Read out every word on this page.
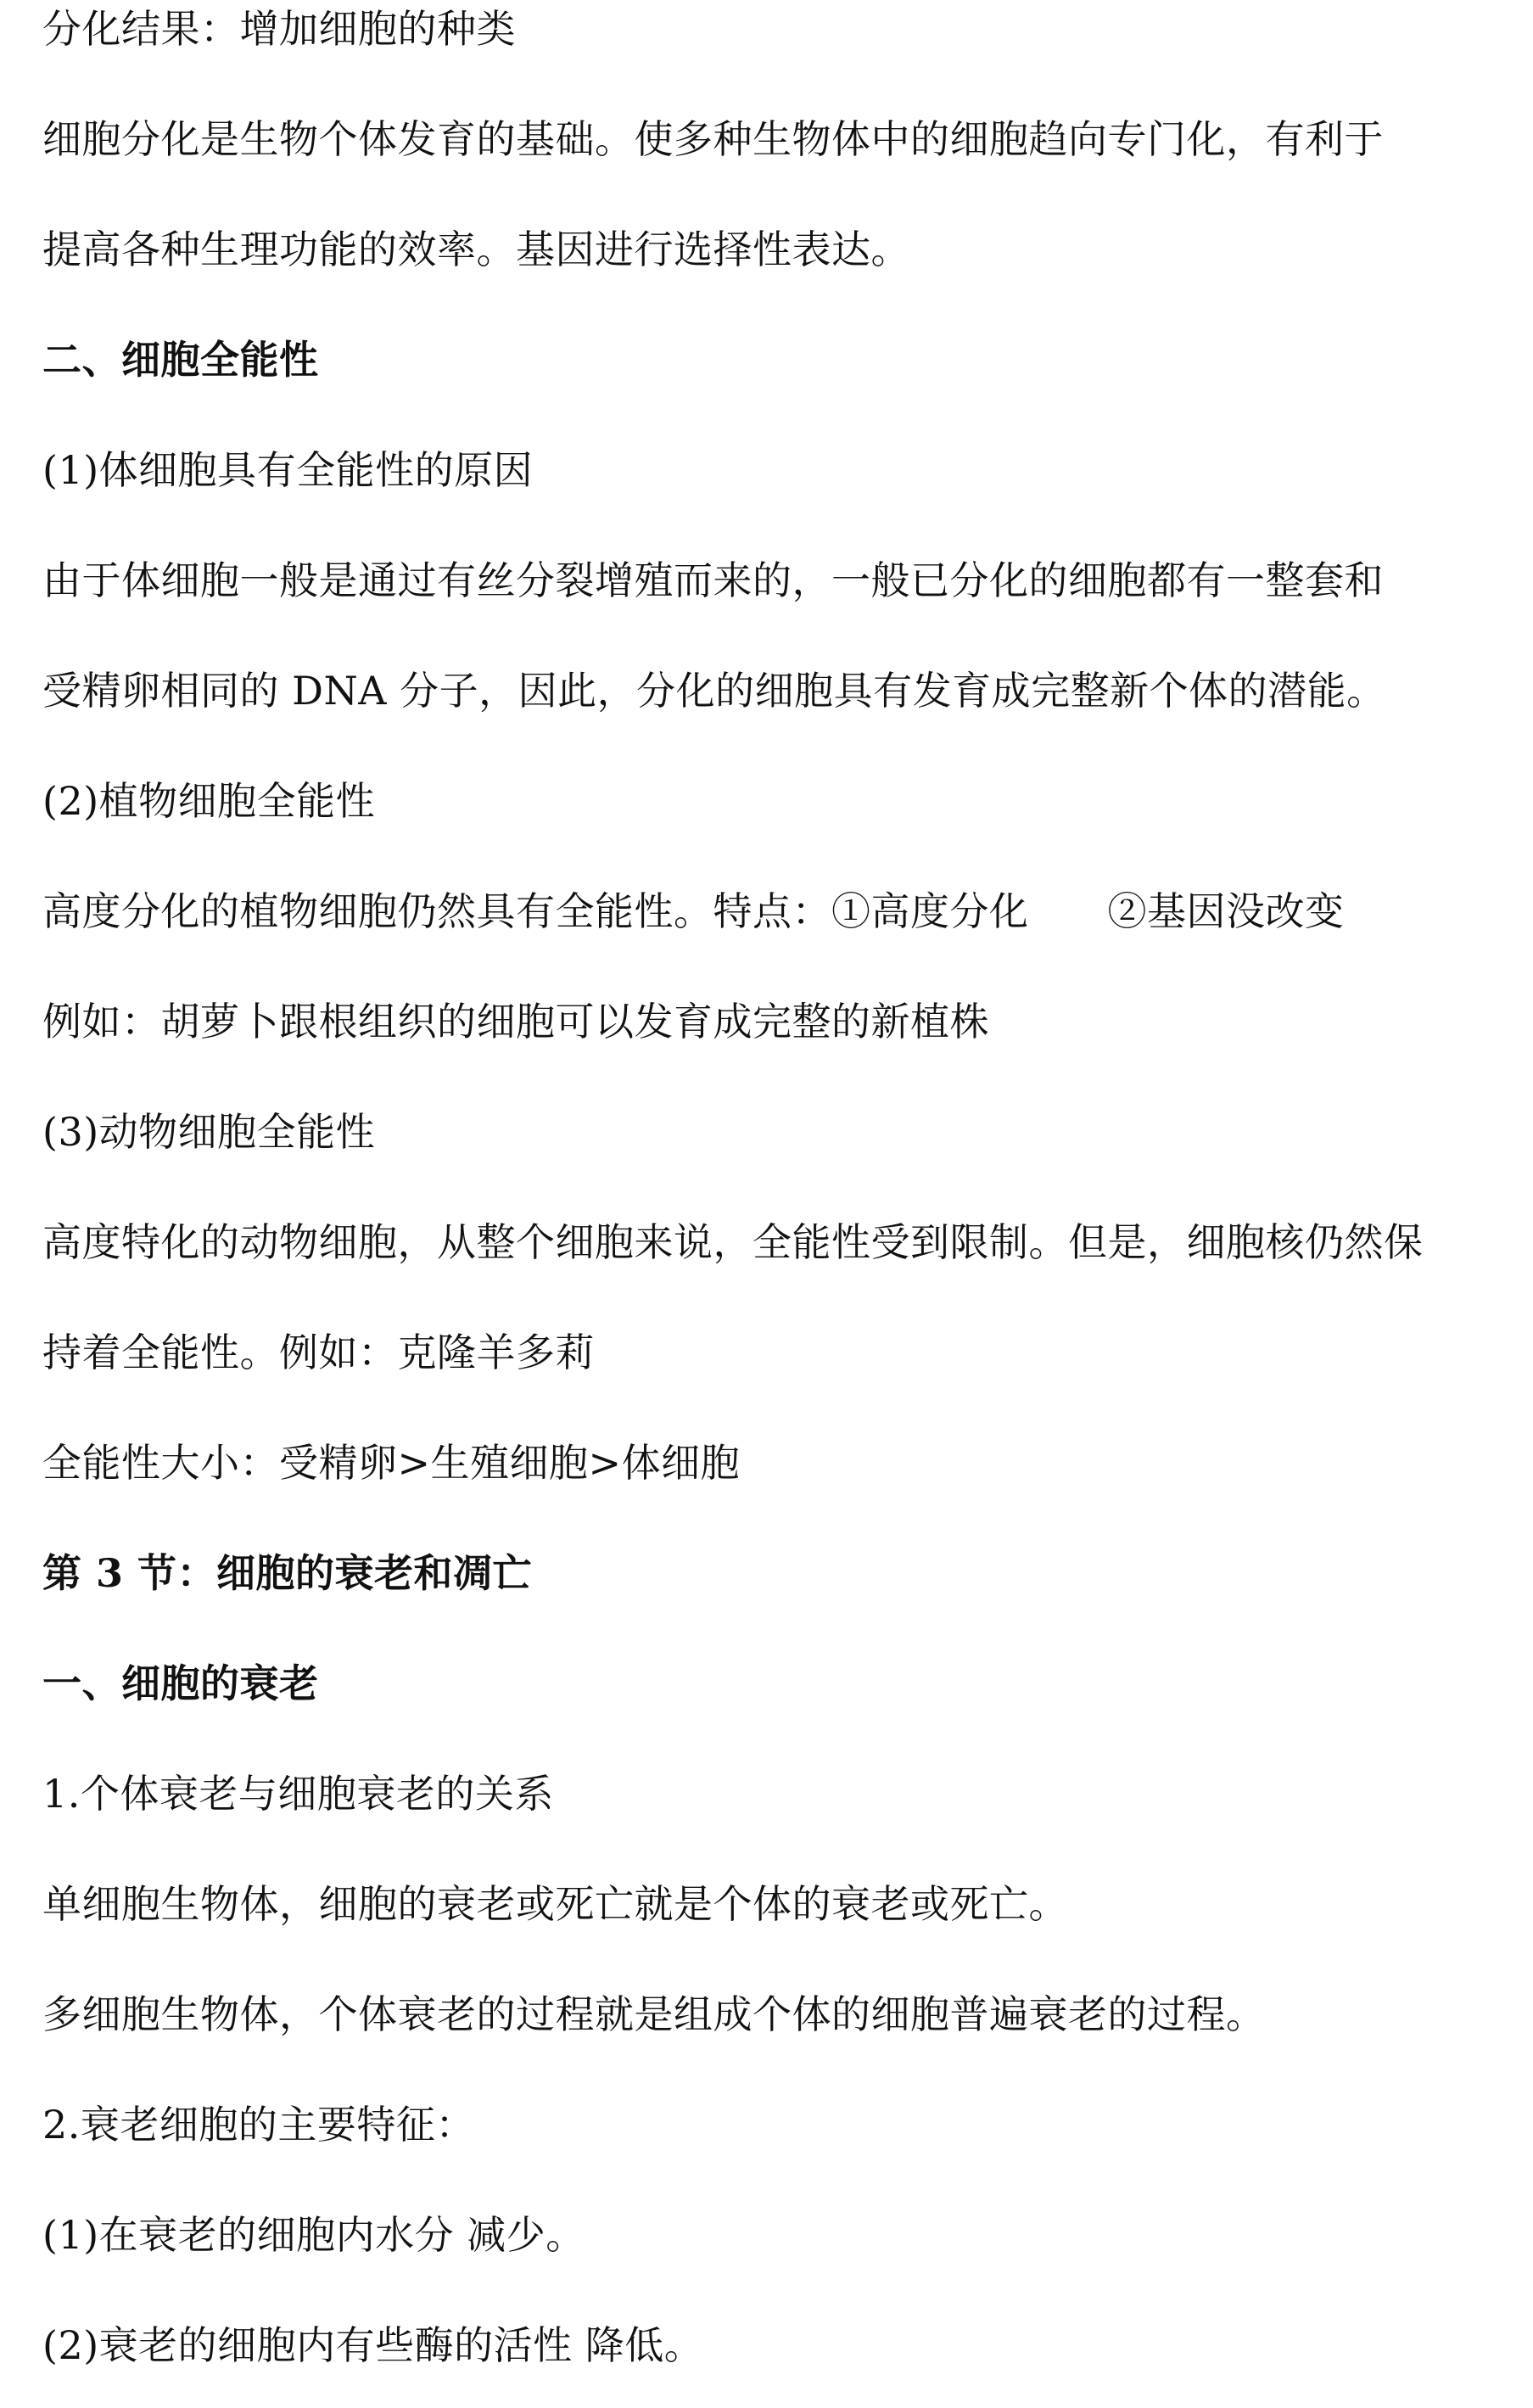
分化结果：增加细胞的种类
细胞分化是生物个体发育的基础。使多种生物体中的细胞趋向专门化，有利于
提高各种生理功能的效率。基因进行选择性表达。
二、细胞全能性
(1)体细胞具有全能性的原因
由于体细胞一般是通过有丝分裂增殖而来的，一般已分化的细胞都有一整套和
受精卵相同的 DNA 分子，因此，分化的细胞具有发育成完整新个体的潜能。
(2)植物细胞全能性
高度分化的植物细胞仍然具有全能性。特点：①高度分化　　②基因没改变
例如：胡萝卜跟根组织的细胞可以发育成完整的新植株
(3)动物细胞全能性
高度特化的动物细胞，从整个细胞来说，全能性受到限制。但是，细胞核仍然保
持着全能性。例如：克隆羊多莉
全能性大小：受精卵>生殖细胞>体细胞
第 3 节：细胞的衰老和凋亡
一、细胞的衰老
1.个体衰老与细胞衰老的关系
单细胞生物体，细胞的衰老或死亡就是个体的衰老或死亡。
多细胞生物体，个体衰老的过程就是组成个体的细胞普遍衰老的过程。
2.衰老细胞的主要特征：
(1)在衰老的细胞内水分 减少。
(2)衰老的细胞内有些酶的活性 降低。
